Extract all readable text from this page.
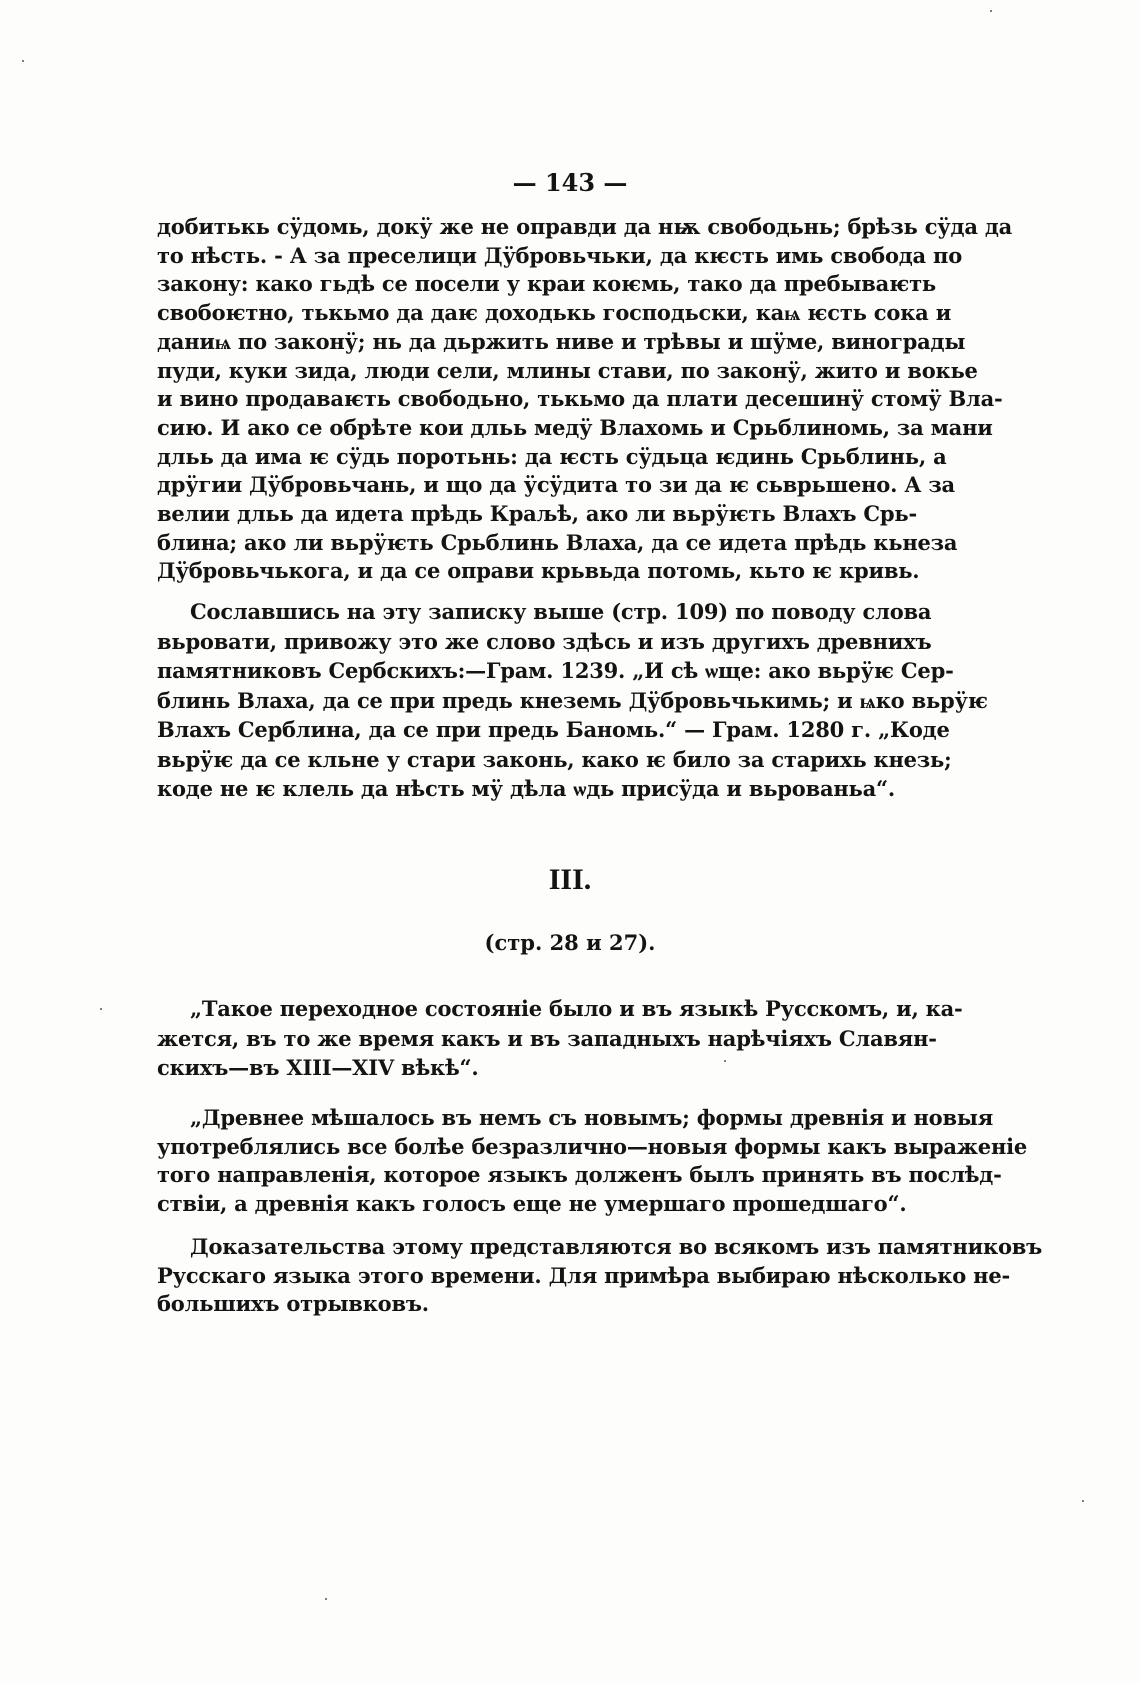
— 143 —

добитькь сӱдомь, докӱ же не оправди да нѭ свободьнь; брѣзь сӱда да
то нѣсть. - А за преселици Дӱбровьчьки, да кѥсть имь свобода по
закону: како гьдѣ се посели у краи коѥмь, тако да пребываѥть
свобоѥтно, тькьмо да даѥ доходькь господьски, каѩ ѥсть сока и
даниѩ по законӱ; нь да дьржить ниве и трѣвы и шӱме, винограды
пуди, куки зида, люди сели, млины стави, по законӱ, жито и вокье
и вино продаваѥть свободьно, тькьмо да плати десешинӱ стомӱ Вла-
сию. И ако се обрѣте кои дльь медӱ Влахомь и Срьблиномь, за мани
дльь да има ѥ сӱдь поротьнь: да ѥсть сӱдьца ѥдинь Срьблинь, а
дрӱгии Дӱбровьчань, и що да ӱсӱдита то зи да ѥ сьврьшено. А за
велии дльь да идета прѣдь Краљѣ, ако ли вьрӱѥть Влахъ Срь-
блина; ако ли вьрӱѥть Срьблинь Влаха, да се идета прѣдь кьнеза
Дӱбровьчькога, и да се оправи крьвьда потомь, кьто ѥ кривь.

Сославшись на эту записку выше (стр. 109) по поводу слова
вьровати, привожу это же слово здѣсь и изъ другихъ древнихъ
памятниковъ Сербскихъ:—Грам. 1239. „И сѣ ѡще: ако вьрӱѥ Сер-
блинь Влаха, да се при предь кнеземь Дӱбровьчькимь; и ѩко вьрӱѥ
Влахъ Серблина, да се при предь Баномь.“ — Грам. 1280 г. „Коде
вьрӱѥ да се кльне у стари законь, како ѥ било за старихь кнезь;
коде не ѥ клель да нѣсть мӱ дѣла ѡдь присӱда и вьрованьа“.

III.
(стр. 28 и 27).

„Такое переходное состоянiе было и въ языкѣ Русскомъ, и, ка-
жется, въ то же время какъ и въ западныхъ нарѣчiяхъ Славян-
скихъ—въ XIII—XIV вѣкѣ“.

„Древнее мѣшалось въ немъ съ новымъ; формы древнiя и новыя
употреблялись все болѣе безразлично—новыя формы какъ выраженiе
того направленiя, которое языкъ долженъ былъ принять въ послѣд-
ствiи, а древнiя какъ голосъ еще не умершаго прошедшаго“.

Доказательства этому представляются во всякомъ изъ памятниковъ
Русскаго языка этого времени. Для примѣра выбираю нѣсколько не-
большихъ отрывковъ.
